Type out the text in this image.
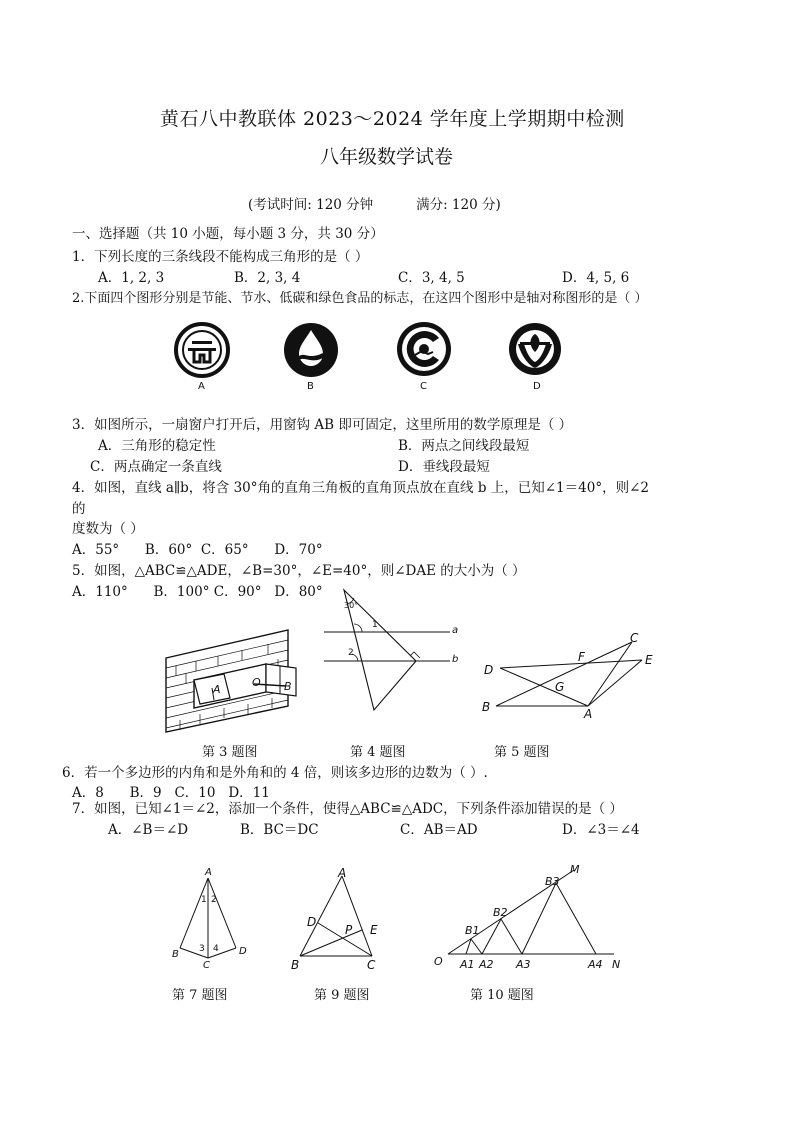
黄石八中教联体 2023～2024 学年度上学期期中检测
八年级数学试卷
(考试时间: 120 分钟          满分: 120 分)
一、选择题（共 10 小题，每小题 3 分，共 30 分）
1．下列长度的三条线段不能构成三角形的是（ ）
A．1, 2, 3	B．2, 3, 4	C．3, 4, 5	D．4, 5, 6
2.下面四个图形分别是节能、节水、低碳和绿色食品的标志，在这四个图形中是轴对称图形的是（ ）
A	B	C	D
3．如图所示，一扇窗户打开后，用窗钩 AB 即可固定，这里所用的数学原理是（ ）
A．三角形的稳定性	B．两点之间线段最短
C．两点确定一条直线	D．垂线段最短
4．如图，直线 a∥b，将含 30°角的直角三角板的直角顶点放在直线 b 上，已知∠1＝40°，则∠2
的
度数为（ ）
A．55°      B．60°  C．65°      D．70°
5．如图，△ABC≌△ADE，∠B=30°，∠E=40°，则∠DAE 的大小为（ ）
A．110°      B．100° C．90°   D．80°
A
O B
30°
1
2
a
b
C
D
F	E
G
B	A
第 3 题图	第 4 题图	第 5 题图
6．若一个多边形的内角和是外角和的 4 倍，则该多边形的边数为（ ）.
A．8      B．9   C．10   D．11
7．如图，已知∠1＝∠2，添加一个条件，使得△ABC≌△ADC，下列条件添加错误的是（ ）
A．∠B＝∠D	B．BC＝DC	C．AB＝AD	D．∠3＝∠4
A
1 2
3 4
B
C
D
A
D
P E
B	C
M
B3
B2
B1
O A1 A2 A3	A4 N
第 7 题图	第 9 题图	第 10 题图
